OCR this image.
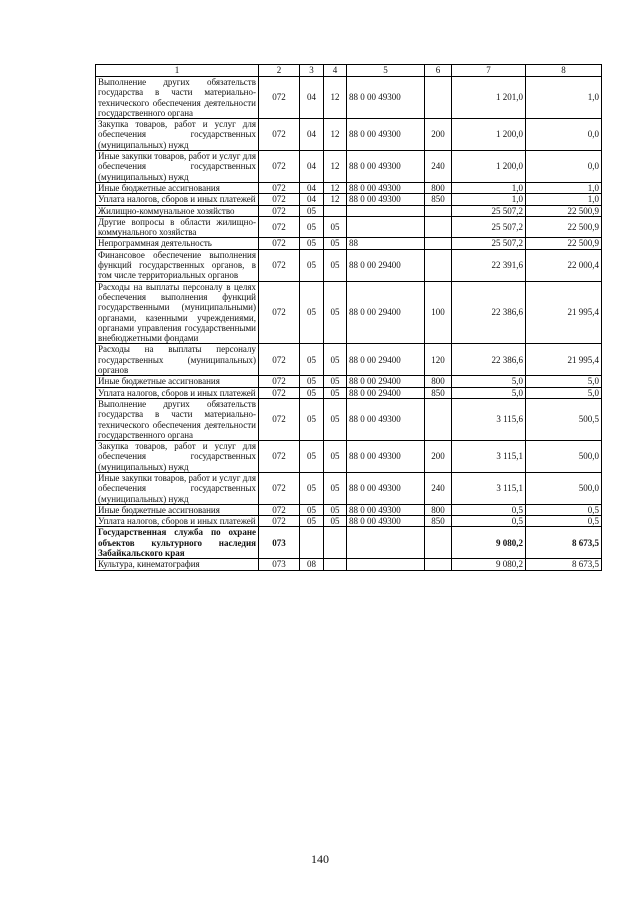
1	2	3	4	5	6	7	8
Выполнение других обязательств государства в части материально-технического обеспечения деятельности государственного органа	072	04	12	88 0 00 49300		1 201,0	1,0
Закупка товаров, работ и услуг для обеспечения государственных (муниципальных) нужд	072	04	12	88 0 00 49300	200	1 200,0	0,0
Иные закупки товаров, работ и услуг для обеспечения государственных (муниципальных) нужд	072	04	12	88 0 00 49300	240	1 200,0	0,0
Иные бюджетные ассигнования	072	04	12	88 0 00 49300	800	1,0	1,0
Уплата налогов, сборов и иных платежей	072	04	12	88 0 00 49300	850	1,0	1,0
Жилищно-коммунальное хозяйство	072	05				25 507,2	22 500,9
Другие вопросы в области жилищно-коммунального хозяйства	072	05	05			25 507,2	22 500,9
Непрограммная деятельность	072	05	05	88		25 507,2	22 500,9
Финансовое обеспечение выполнения функций государственных органов, в том числе территориальных органов	072	05	05	88 0 00 29400		22 391,6	22 000,4
Расходы на выплаты персоналу в целях обеспечения выполнения функций государственными (муниципальными) органами, казенными учреждениями, органами управления государственными внебюджетными фондами	072	05	05	88 0 00 29400	100	22 386,6	21 995,4
Расходы на выплаты персоналу государственных (муниципальных) органов	072	05	05	88 0 00 29400	120	22 386,6	21 995,4
Иные бюджетные ассигнования	072	05	05	88 0 00 29400	800	5,0	5,0
Уплата налогов, сборов и иных платежей	072	05	05	88 0 00 29400	850	5,0	5,0
Выполнение других обязательств государства в части материально-технического обеспечения деятельности государственного органа	072	05	05	88 0 00 49300		3 115,6	500,5
Закупка товаров, работ и услуг для обеспечения государственных (муниципальных) нужд	072	05	05	88 0 00 49300	200	3 115,1	500,0
Иные закупки товаров, работ и услуг для обеспечения государственных (муниципальных) нужд	072	05	05	88 0 00 49300	240	3 115,1	500,0
Иные бюджетные ассигнования	072	05	05	88 0 00 49300	800	0,5	0,5
Уплата налогов, сборов и иных платежей	072	05	05	88 0 00 49300	850	0,5	0,5
Государственная служба по охране объектов культурного наследия Забайкальского края	073					9 080,2	8 673,5
Культура, кинематография	073	08				9 080,2	8 673,5
140
